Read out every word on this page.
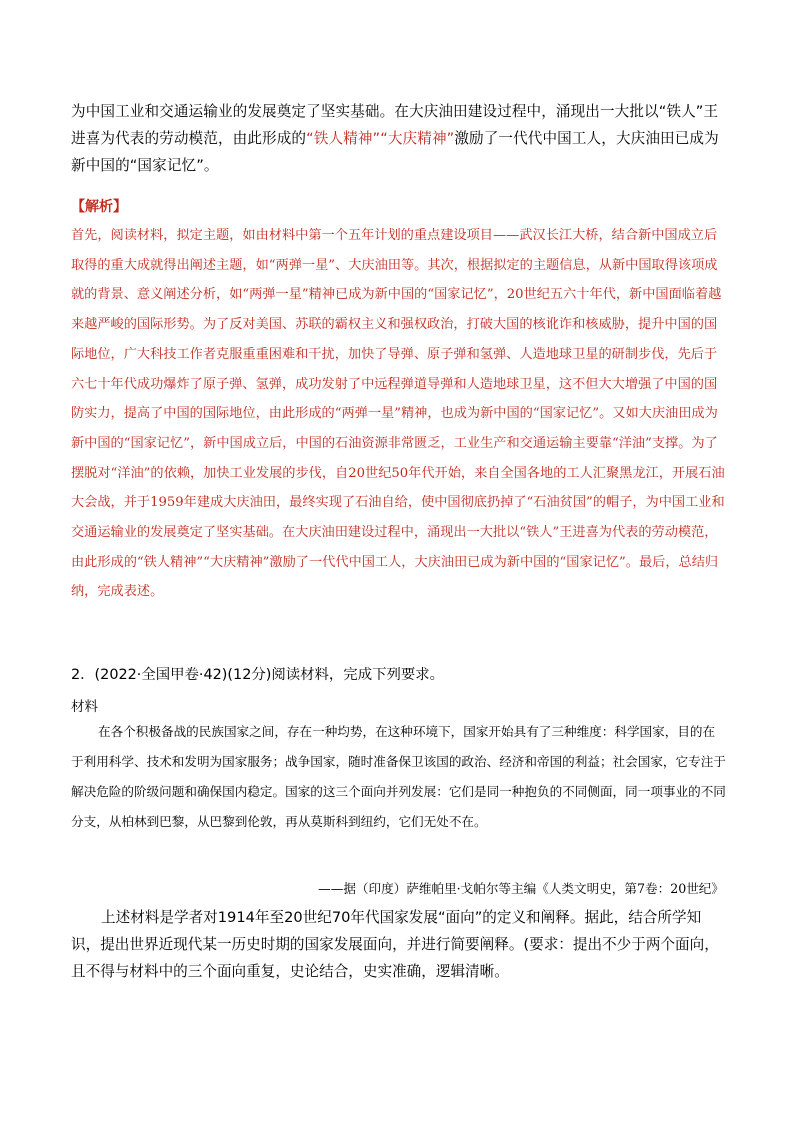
为中国工业和交通运输业的发展奠定了坚实基础。在大庆油田建设过程中，涌现出一大批以“铁人”王进喜为代表的劳动模范，由此形成的“铁人精神”“大庆精神”激励了一代代中国工人，大庆油田已成为新中国的“国家记忆”。

【解析】

首先，阅读材料，拟定主题，如由材料中第一个五年计划的重点建设项目——武汉长江大桥，结合新中国成立后取得的重大成就得出阐述主题，如“两弹一星”、大庆油田等。其次，根据拟定的主题信息，从新中国取得该项成就的背景、意义阐述分析，如“两弹一星”精神已成为新中国的“国家记忆”，20世纪五六十年代，新中国面临着越来越严峻的国际形势。为了反对美国、苏联的霸权主义和强权政治，打破大国的核讹诈和核威胁，提升中国的国际地位，广大科技工作者克服重重困难和干扰，加快了导弹、原子弹和氢弹、人造地球卫星的研制步伐，先后于六七十年代成功爆炸了原子弹、氢弹，成功发射了中远程弹道导弹和人造地球卫星，这不但大大增强了中国的国防实力，提高了中国的国际地位，由此形成的“两弹一星”精神，也成为新中国的“国家记忆”。又如大庆油田成为新中国的“国家记忆”，新中国成立后，中国的石油资源非常匮乏，工业生产和交通运输主要靠“洋油”支撑。为了摆脱对“洋油”的依赖，加快工业发展的步伐，自20世纪50年代开始，来自全国各地的工人汇聚黑龙江，开展石油大会战，并于1959年建成大庆油田，最终实现了石油自给，使中国彻底扔掉了“石油贫国”的帽子，为中国工业和交通运输业的发展奠定了坚实基础。在大庆油田建设过程中，涌现出一大批以“铁人”王进喜为代表的劳动模范，由此形成的“铁人精神”“大庆精神”激励了一代代中国工人，大庆油田已成为新中国的“国家记忆”。最后，总结归纳，完成表述。

2．(2022·全国甲卷·42)(12分)阅读材料，完成下列要求。
材料

在各个积极备战的民族国家之间，存在一种均势，在这种环境下，国家开始具有了三种维度：科学国家，目的在于利用科学、技术和发明为国家服务；战争国家，随时准备保卫该国的政治、经济和帝国的利益；社会国家，它专注于解决危险的阶级问题和确保国内稳定。国家的这三个面向并列发展：它们是同一种抱负的不同侧面，同一项事业的不同分支，从柏林到巴黎，从巴黎到伦敦，再从莫斯科到纽约，它们无处不在。

——据（印度）萨维帕里·戈帕尔等主编《人类文明史，第7卷：20世纪》

上述材料是学者对1914年至20世纪70年代国家发展“面向”的定义和阐释。据此，结合所学知识，提出世界近现代某一历史时期的国家发展面向，并进行简要阐释。(要求：提出不少于两个面向，且不得与材料中的三个面向重复，史论结合，史实准确，逻辑清晰。
